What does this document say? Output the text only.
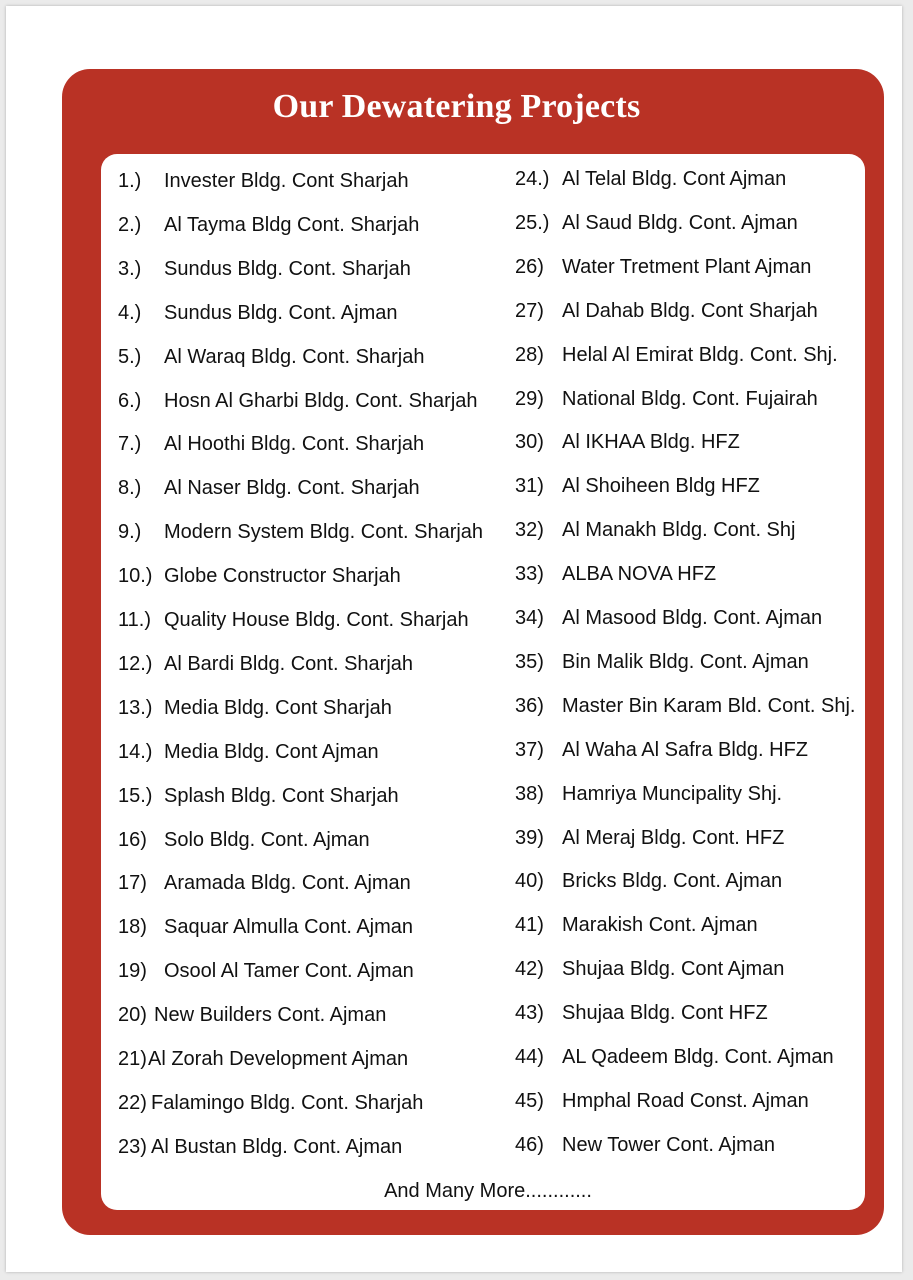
Our Dewatering Projects
1.) Invester Bldg. Cont Sharjah
2.) Al Tayma Bldg Cont. Sharjah
3.) Sundus Bldg. Cont. Sharjah
4.) Sundus Bldg. Cont. Ajman
5.) Al Waraq Bldg. Cont. Sharjah
6.) Hosn Al Gharbi Bldg. Cont. Sharjah
7.) Al Hoothi Bldg. Cont. Sharjah
8.) Al Naser Bldg. Cont. Sharjah
9.) Modern System Bldg. Cont. Sharjah
10.) Globe Constructor Sharjah
11.) Quality House Bldg. Cont. Sharjah
12.) Al Bardi Bldg. Cont. Sharjah
13.) Media Bldg. Cont Sharjah
14.) Media Bldg. Cont Ajman
15.) Splash Bldg. Cont Sharjah
16) Solo Bldg. Cont. Ajman
17) Aramada Bldg. Cont. Ajman
18) Saquar Almulla Cont. Ajman
19) Osool Al Tamer Cont. Ajman
20) New Builders Cont. Ajman
21) Al Zorah Development Ajman
22) Falamingo Bldg. Cont. Sharjah
23) Al Bustan Bldg. Cont. Ajman
24.) Al Telal Bldg. Cont Ajman
25.) Al Saud Bldg. Cont. Ajman
26) Water Tretment Plant Ajman
27) Al Dahab Bldg. Cont Sharjah
28) Helal Al Emirat Bldg. Cont. Shj.
29) National Bldg. Cont. Fujairah
30) Al IKHAA Bldg. HFZ
31) Al Shoiheen Bldg HFZ
32) Al Manakh Bldg. Cont. Shj
33) ALBA NOVA HFZ
34) Al Masood Bldg. Cont. Ajman
35) Bin Malik Bldg. Cont. Ajman
36) Master Bin Karam Bld. Cont. Shj.
37) Al Waha Al Safra Bldg. HFZ
38) Hamriya Muncipality Shj.
39) Al Meraj Bldg. Cont. HFZ
40) Bricks Bldg. Cont. Ajman
41) Marakish Cont. Ajman
42) Shujaa Bldg. Cont Ajman
43) Shujaa Bldg. Cont HFZ
44) AL Qadeem Bldg. Cont. Ajman
45) Hmphal Road Const. Ajman
46) New Tower Cont. Ajman
And Many More............
